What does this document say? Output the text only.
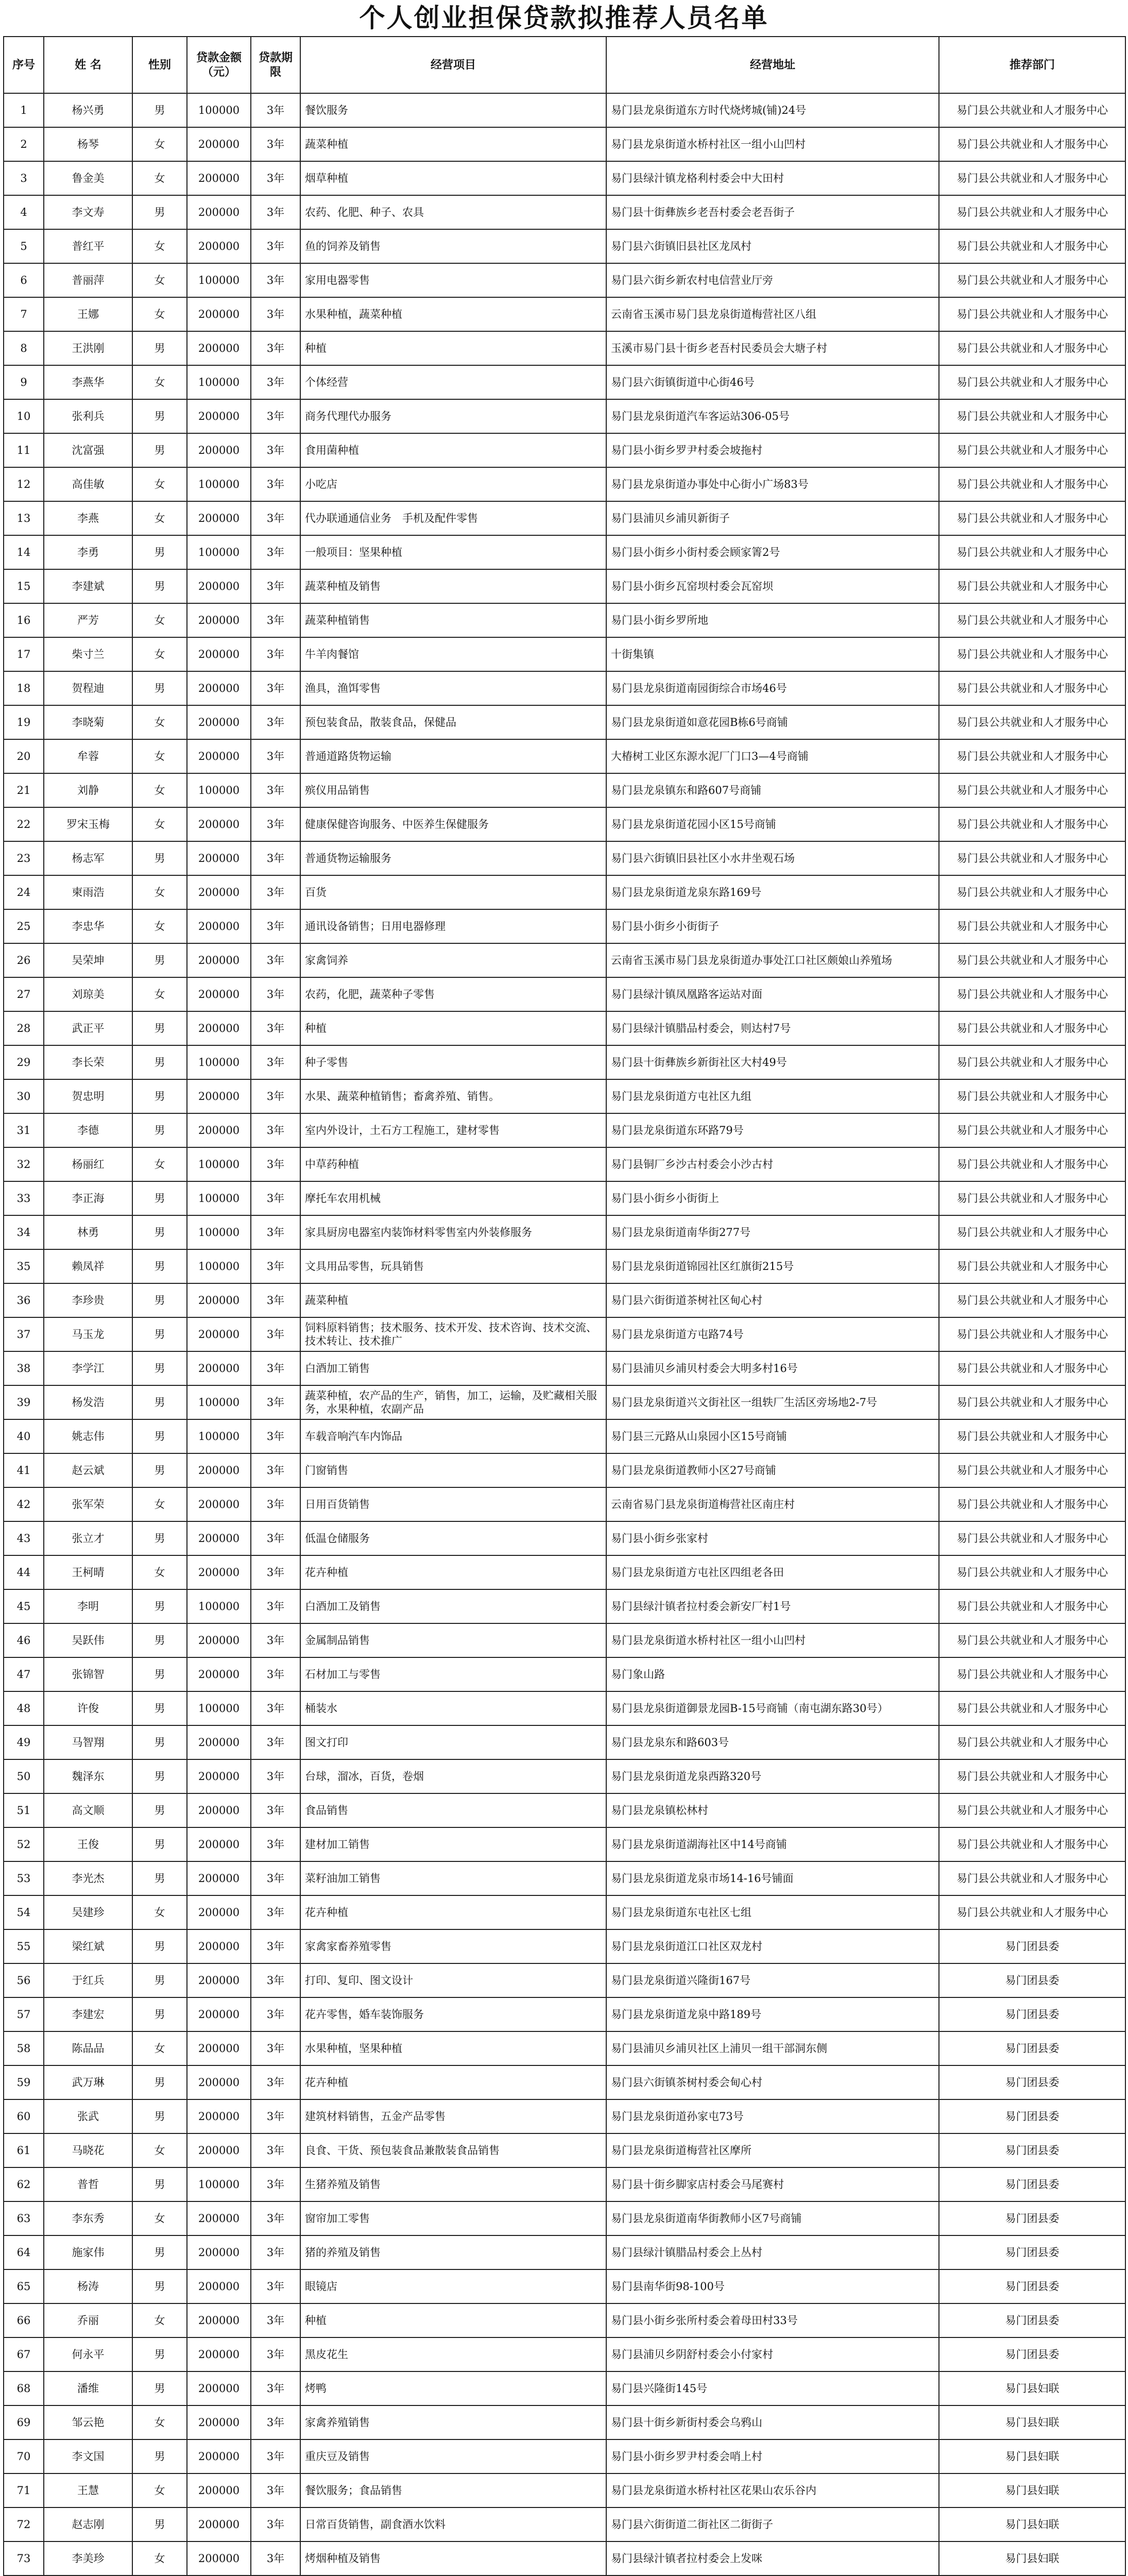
个人创业担保贷款拟推荐人员名单
序号	姓 名	性别	贷款金额（元）	贷款期限	经营项目	经营地址	推荐部门
1	杨兴勇	男	100000	3年	餐饮服务	易门县龙泉街道东方时代烧烤城(铺)24号	易门县公共就业和人才服务中心
2	杨琴	女	200000	3年	蔬菜种植	易门县龙泉街道水桥村社区一组小山凹村	易门县公共就业和人才服务中心
3	鲁金美	女	200000	3年	烟草种植	易门县绿汁镇龙格利村委会中大田村	易门县公共就业和人才服务中心
4	李文寿	男	200000	3年	农药、化肥、种子、农具	易门县十街彝族乡老吾村委会老吾街子	易门县公共就业和人才服务中心
5	普红平	女	200000	3年	鱼的饲养及销售	易门县六街镇旧县社区龙凤村	易门县公共就业和人才服务中心
6	普丽萍	女	100000	3年	家用电器零售	易门县六街乡新农村电信营业厅旁	易门县公共就业和人才服务中心
7	王娜	女	200000	3年	水果种植，蔬菜种植	云南省玉溪市易门县龙泉街道梅营社区八组	易门县公共就业和人才服务中心
8	王洪刚	男	200000	3年	种植	玉溪市易门县十街乡老吾村民委员会大塘子村	易门县公共就业和人才服务中心
9	李燕华	女	100000	3年	个体经营	易门县六街镇街道中心街46号	易门县公共就业和人才服务中心
10	张利兵	男	200000	3年	商务代理代办服务	易门县龙泉街道汽车客运站306-05号	易门县公共就业和人才服务中心
11	沈富强	男	200000	3年	食用菌种植	易门县小街乡罗尹村委会坡拖村	易门县公共就业和人才服务中心
12	高佳敏	女	100000	3年	小吃店	易门县龙泉街道办事处中心街小广场83号	易门县公共就业和人才服务中心
13	李燕	女	200000	3年	代办联通通信业务　手机及配件零售	易门县浦贝乡浦贝新街子	易门县公共就业和人才服务中心
14	李勇	男	100000	3年	一般项目：坚果种植	易门县小街乡小街村委会顾家箐2号	易门县公共就业和人才服务中心
15	李建斌	男	200000	3年	蔬菜种植及销售	易门县小街乡瓦窑坝村委会瓦窑坝	易门县公共就业和人才服务中心
16	严芳	女	200000	3年	蔬菜种植销售	易门县小街乡罗所地	易门县公共就业和人才服务中心
17	柴寸兰	女	200000	3年	牛羊肉餐馆	十街集镇	易门县公共就业和人才服务中心
18	贺程迪	男	200000	3年	渔具，渔饵零售	易门县龙泉街道南园街综合市场46号	易门县公共就业和人才服务中心
19	李晓菊	女	200000	3年	预包装食品，散装食品，保健品	易门县龙泉街道如意花园B栋6号商铺	易门县公共就业和人才服务中心
20	牟蓉	女	200000	3年	普通道路货物运输	大椿树工业区东源水泥厂门口3—4号商铺	易门县公共就业和人才服务中心
21	刘静	女	100000	3年	殡仪用品销售	易门县龙泉镇东和路607号商铺	易门县公共就业和人才服务中心
22	罗宋玉梅	女	200000	3年	健康保健咨询服务、中医养生保健服务	易门县龙泉街道花园小区15号商铺	易门县公共就业和人才服务中心
23	杨志军	男	200000	3年	普通货物运输服务	易门县六街镇旧县社区小水井坐观石场	易门县公共就业和人才服务中心
24	柬雨浩	女	200000	3年	百货	易门县龙泉街道龙泉东路169号	易门县公共就业和人才服务中心
25	李忠华	女	200000	3年	通讯设备销售；日用电器修理	易门县小街乡小街街子	易门县公共就业和人才服务中心
26	吴荣坤	男	200000	3年	家禽饲养	云南省玉溪市易门县龙泉街道办事处江口社区颇娘山养殖场	易门县公共就业和人才服务中心
27	刘琼美	女	200000	3年	农药，化肥，蔬菜种子零售	易门县绿汁镇凤凰路客运站对面	易门县公共就业和人才服务中心
28	武正平	男	200000	3年	种植	易门县绿汁镇腊品村委会，则达村7号	易门县公共就业和人才服务中心
29	李长荣	男	100000	3年	种子零售	易门县十街彝族乡新街社区大村49号	易门县公共就业和人才服务中心
30	贺忠明	男	200000	3年	水果、蔬菜种植销售；畜禽养殖、销售。	易门县龙泉街道方屯社区九组	易门县公共就业和人才服务中心
31	李德	男	200000	3年	室内外设计，土石方工程施工，建材零售	易门县龙泉街道东环路79号	易门县公共就业和人才服务中心
32	杨丽红	女	100000	3年	中草药种植	易门县铜厂乡沙古村委会小沙古村	易门县公共就业和人才服务中心
33	李正海	男	100000	3年	摩托车农用机械	易门县小街乡小街街上	易门县公共就业和人才服务中心
34	林勇	男	100000	3年	家具厨房电器室内装饰材料零售室内外装修服务	易门县龙泉街道南华街277号	易门县公共就业和人才服务中心
35	赖凤祥	男	100000	3年	文具用品零售，玩具销售	易门县龙泉街道锦园社区红旗街215号	易门县公共就业和人才服务中心
36	李珍贵	男	200000	3年	蔬菜种植	易门县六街街道茶树社区甸心村	易门县公共就业和人才服务中心
37	马玉龙	男	200000	3年	饲料原料销售；技术服务、技术开发、技术咨询、技术交流、技术转让、技术推广	易门县龙泉街道方屯路74号	易门县公共就业和人才服务中心
38	李学江	男	200000	3年	白酒加工销售	易门县浦贝乡浦贝村委会大明多村16号	易门县公共就业和人才服务中心
39	杨发浩	男	100000	3年	蔬菜种植，农产品的生产，销售，加工，运输，及贮藏相关服务，水果种植，农副产品	易门县龙泉街道兴文街社区一组轶厂生活区旁场地2-7号	易门县公共就业和人才服务中心
40	姚志伟	男	100000	3年	车载音响汽车内饰品	易门县三元路从山泉园小区15号商铺	易门县公共就业和人才服务中心
41	赵云斌	男	200000	3年	门窗销售	易门县龙泉街道教师小区27号商铺	易门县公共就业和人才服务中心
42	张军荣	女	200000	3年	日用百货销售	云南省易门县龙泉街道梅营社区南庄村	易门县公共就业和人才服务中心
43	张立才	男	200000	3年	低温仓储服务	易门县小街乡张家村	易门县公共就业和人才服务中心
44	王柯晴	女	200000	3年	花卉种植	易门县龙泉街道方屯社区四组老各田	易门县公共就业和人才服务中心
45	李明	男	100000	3年	白酒加工及销售	易门县绿汁镇者拉村委会新安厂村1号	易门县公共就业和人才服务中心
46	吴跃伟	男	200000	3年	金属制品销售	易门县龙泉街道水桥村社区一组小山凹村	易门县公共就业和人才服务中心
47	张锦智	男	200000	3年	石材加工与零售	易门象山路	易门县公共就业和人才服务中心
48	许俊	男	100000	3年	桶装水	易门县龙泉街道御景龙园B-15号商铺（南屯湖东路30号）	易门县公共就业和人才服务中心
49	马智翔	男	200000	3年	图文打印	易门县龙泉东和路603号	易门县公共就业和人才服务中心
50	魏泽东	男	200000	3年	台球，溜冰，百货，卷烟	易门县龙泉街道龙泉西路320号	易门县公共就业和人才服务中心
51	高文顺	男	200000	3年	食品销售	易门县龙泉镇松林村	易门县公共就业和人才服务中心
52	王俊	男	200000	3年	建材加工销售	易门县龙泉街道湖海社区中14号商铺	易门县公共就业和人才服务中心
53	李光杰	男	200000	3年	菜籽油加工销售	易门县龙泉街道龙泉市场14-16号铺面	易门县公共就业和人才服务中心
54	吴建珍	女	200000	3年	花卉种植	易门县龙泉街道东屯社区七组	易门县公共就业和人才服务中心
55	梁红斌	男	200000	3年	家禽家畜养殖零售	易门县龙泉街道江口社区双龙村	易门团县委
56	于红兵	男	200000	3年	打印、复印、图文设计	易门县龙泉街道兴隆街167号	易门团县委
57	李建宏	男	200000	3年	花卉零售，婚车装饰服务	易门县龙泉街道龙泉中路189号	易门团县委
58	陈品品	女	200000	3年	水果种植，坚果种植	易门县浦贝乡浦贝社区上浦贝一组干部洞东侧	易门团县委
59	武万琳	男	200000	3年	花卉种植	易门县六街镇茶树村委会甸心村	易门团县委
60	张武	男	200000	3年	建筑材料销售，五金产品零售	易门县龙泉街道孙家屯73号	易门团县委
61	马晓花	女	200000	3年	良食、干货、预包装食品兼散装食品销售	易门县龙泉街道梅营社区摩所	易门团县委
62	普哲	男	100000	3年	生猪养殖及销售	易门县十街乡脚家店村委会马尾赛村	易门团县委
63	李东秀	女	200000	3年	窗帘加工零售	易门县龙泉街道南华街教师小区7号商铺	易门团县委
64	施家伟	男	200000	3年	猪的养殖及销售	易门县绿汁镇腊品村委会上丛村	易门团县委
65	杨涛	男	200000	3年	眼镜店	易门县南华街98-100号	易门团县委
66	乔丽	女	200000	3年	种植	易门县小街乡张所村委会着母田村33号	易门团县委
67	何永平	男	200000	3年	黑皮花生	易门县浦贝乡阴舒村委会小付家村	易门团县委
68	潘维	男	200000	3年	烤鸭	易门县兴隆街145号	易门县妇联
69	邹云艳	女	200000	3年	家禽养殖销售	易门县十街乡新街村委会乌鸦山	易门县妇联
70	李文国	男	200000	3年	重庆豆及销售	易门县小街乡罗尹村委会哨上村	易门县妇联
71	王慧	女	200000	3年	餐饮服务；食品销售	易门县龙泉街道水桥村社区花果山农乐谷内	易门县妇联
72	赵志刚	男	200000	3年	日常百货销售，副食酒水饮料	易门县六街街道二街社区二街街子	易门县妇联
73	李美珍	女	200000	3年	烤烟种植及销售	易门县绿汁镇者拉村委会上发咪	易门县妇联
